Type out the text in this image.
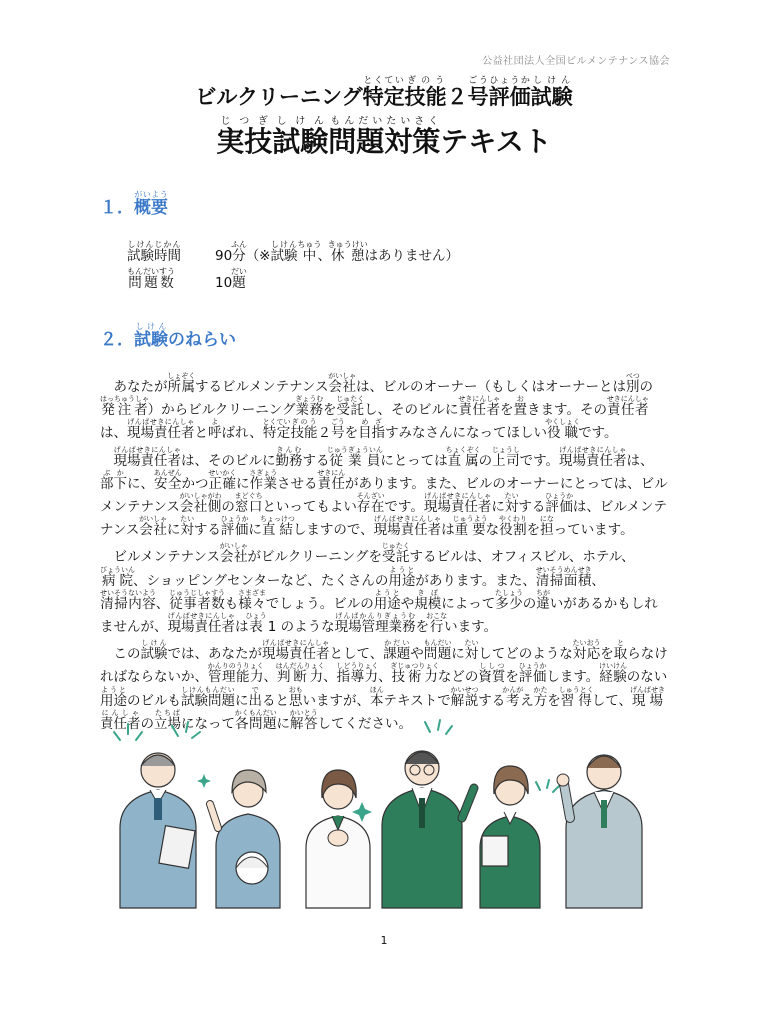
公益社団法人全国ビルメンテナンス協会
ビルクリーニング特定とくてい技能ぎのう２号ごう評価ひょうか試験しけん
実技じつぎ試験しけん問題もんだい対策たいさくテキスト
１．概要がいよう
試験しけん時間じかん
90分ふん（※試験しけん中ちゅう、休憩きゅうけいはありません）
問題もんだい数すう
10題だい
２．試験しけんのねらい

あなたが所属しょぞくするビルメンテナンス会社がいしゃは、ビルのオーナー（もしくはオーナーとは別べつの発注者はっちゅうしゃ）からビルクリーニング業務ぎょうむを受託じゅたくし、そのビルに責任者せきにんしゃを置おきます。その責任者せきにんしゃは、現場責任者げんばせきにんしゃと呼よばれ、特定とくてい技能ぎのう２号ごうを目指めざすみなさんになってほしい役職やくしょくです。

現場責任者げんばせきにんしゃは、そのビルに勤務きんむする従業員じゅうぎょういんにとっては直属ちょくぞくの上司じょうしです。現場責任者げんばせきにんしゃは、部下ぶかに、安全あんぜんかつ正確せいかくに作業さぎょうさせる責任せきにんがあります。また、ビルのオーナーにとっては、ビルメンテナンス会社がいしゃ側がわの窓口まどぐちといってもよい存在そんざいです。現場責任者げんばせきにんしゃに対たいする評価ひょうかは、ビルメンテナンス会社がいしゃに対たいする評価ひょうかに直結ちょっけつしますので、現場責任者げんばせきにんしゃは重要じゅうような役割やくわりを担になっています。

ビルメンテナンス会社がいしゃがビルクリーニングを受託じゅたくするビルは、オフィスビル、ホテル、病院びょういん、ショッピングセンターなど、たくさんの用途ようとがあります。また、清掃面積せいそうめんせき、清掃内容せいそうないよう、従事者数じゅうじしゃすうも様々さまざまでしょう。ビルの用途ようとや規模きぼによって多少たしょうの違ちがいがあるかもしれませんが、現場責任者げんばせきにんしゃは表ひょう 1 のような現場管理業務げんばかんりぎょうむを行おこないます。

この試験しけんでは、あなたが現場責任者げんばせきにんしゃとして、課題かだいや問題もんだいに対たいしてどのような対応たいおうを取とらなければならないか、管理能力かんりのうりょく、判断力はんだんりょく、指導力しどうりょく、技術力ぎじゅつりょくなどの資質ししつを評価ひょうかします。経験けいけんのない用途ようとのビルも試験問題しけんもんだいに出でると思おもいますが、本ほんテキストで解説かいせつする考かんがえ方かたを習得しゅうとくして、現場責任者げんばせきにんしゃの立場たちばになって各問題かくもんだいに解答かいとうしてください。

1
